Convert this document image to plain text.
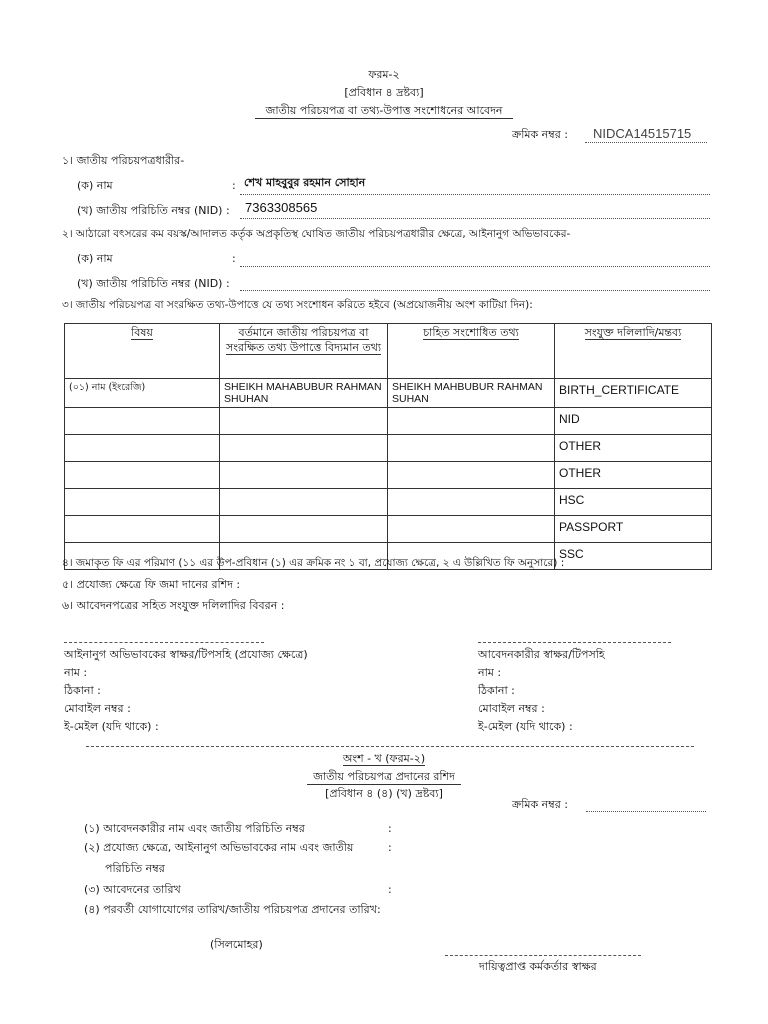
ফরম-২
[প্রবিধান ৪ দ্রষ্টব্য]
জাতীয় পরিচয়পত্র বা তথ্য-উপাত্ত সংশোধনের আবেদন
ক্রমিক নম্বর :	NIDCA14515715
১। জাতীয় পরিচয়পত্রধারীর-
(ক) নাম	: শেখ মাহবুবুর রহমান সোহান
(খ) জাতীয় পরিচিতি নম্বর (NID) :	7363308565
২। আঠারো বৎসরের কম বয়স্ক/আদালত কর্তৃক অপ্রকৃতিস্থ ঘোষিত জাতীয় পরিচয়পত্রধারীর ক্ষেত্রে, আইনানুগ অভিভাবকের-
(ক) নাম	:
(খ) জাতীয় পরিচিতি নম্বর (NID) :
৩। জাতীয় পরিচয়পত্র বা সংরক্ষিত তথ্য-উপাত্তে যে তথ্য সংশোধন করিতে হইবে (অপ্রয়োজনীয় অংশ কাটিয়া দিন):
বিষয়	বর্তমানে জাতীয় পরিচয়পত্র বা সংরক্ষিত তথ্য উপাত্তে বিদ্যমান তথ্য	চাহিত সংশোধিত তথ্য	সংযুক্ত দলিলাদি/মন্তব্য
(০১) নাম (ইংরেজি)	SHEIKH MAHABUBUR RAHMAN SHUHAN	SHEIKH MAHBUBUR RAHMAN SUHAN	BIRTH_CERTIFICATE
			NID
			OTHER
			OTHER
			HSC
			PASSPORT
			SSC
৪। জমাকৃত ফি এর পরিমাণ (১১ এর উপ-প্রবিধান (১) এর ক্রমিক নং ১ বা, প্রযোজ্য ক্ষেত্রে, ২ এ উল্লিখিত ফি অনুসারে) :
৫। প্রযোজ্য ক্ষেত্রে ফি জমা দানের রশিদ :
৬। আবেদনপত্রের সহিত সংযুক্ত দলিলাদির বিবরন :
আইনানুগ অভিভাবকের স্বাক্ষর/টিপসহি (প্রযোজ্য ক্ষেত্রে)
নাম :
ঠিকানা :
মোবাইল নম্বর :
ই-মেইল (যদি থাকে) :
আবেদনকারীর স্বাক্ষর/টিপসহি
নাম :
ঠিকানা :
মোবাইল নম্বর :
ই-মেইল (যদি থাকে) :
অংশ - খ (ফরম-২)
জাতীয় পরিচয়পত্র প্রদানের রশিদ
[প্রবিধান ৪ (৪) (খ) দ্রষ্টব্য]
ক্রমিক নম্বর :
(১) আবেদনকারীর নাম এবং জাতীয় পরিচিতি নম্বর	:
(২) প্রযোজ্য ক্ষেত্রে, আইনানুগ অভিভাবকের নাম এবং জাতীয়	:
পরিচিতি নম্বর
(৩) আবেদনের তারিখ	:
(৪) পরবর্তী যোগাযোগের তারিখ/জাতীয় পরিচয়পত্র প্রদানের তারিখ:
(সিলমোহর)
দায়িত্বপ্রাপ্ত কর্মকর্তার স্বাক্ষর
